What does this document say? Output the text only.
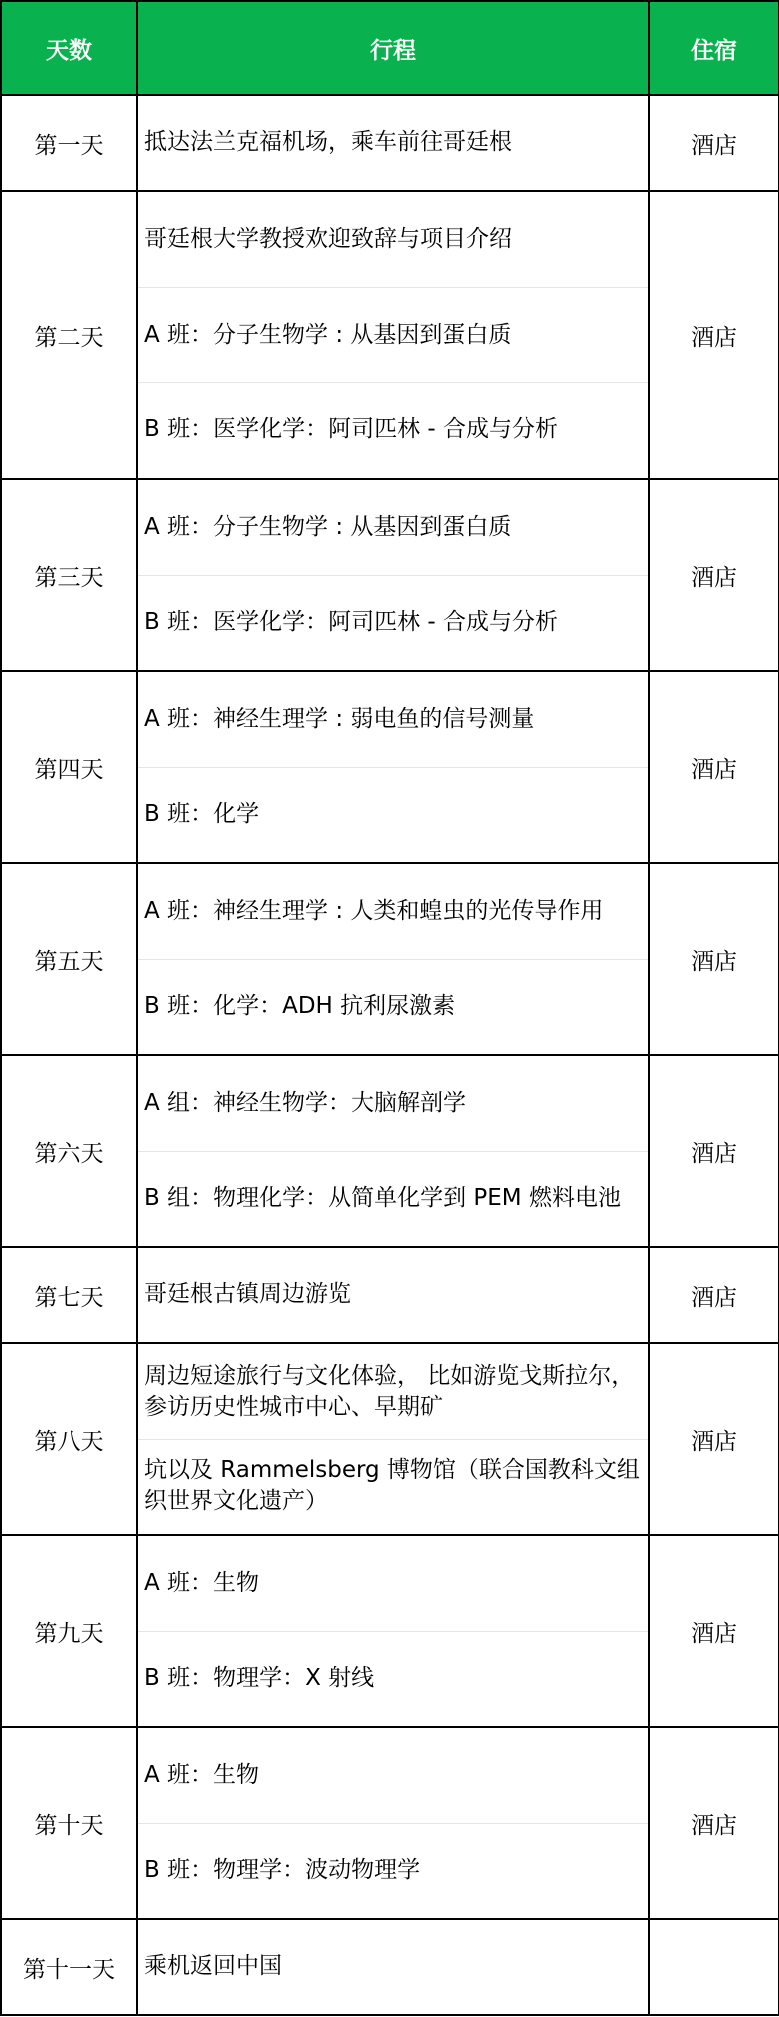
天数	行程	住宿
第一天	抵达法兰克福机场，乘车前往哥廷根	酒店
第二天	哥廷根大学教授欢迎致辞与项目介绍
A 班：分子生物学 : 从基因到蛋白质
B 班：医学化学：阿司匹林 - 合成与分析	酒店
第三天	A 班：分子生物学 : 从基因到蛋白质
B 班：医学化学：阿司匹林 - 合成与分析	酒店
第四天	A 班：神经生理学 : 弱电鱼的信号测量
B 班：化学	酒店
第五天	A 班：神经生理学 : 人类和蝗虫的光传导作用
B 班：化学：ADH 抗利尿激素	酒店
第六天	A 组：神经生物学：大脑解剖学
B 组：物理化学：从简单化学到 PEM 燃料电池	酒店
第七天	哥廷根古镇周边游览	酒店
第八天	周边短途旅行与文化体验， 比如游览戈斯拉尔，参访历史性城市中心、早期矿
坑以及 Rammelsberg 博物馆（联合国教科文组织世界文化遗产）	酒店
第九天	A 班：生物
B 班：物理学：X 射线	酒店
第十天	A 班：生物
B 班：物理学：波动物理学	酒店
第十一天	乘机返回中国	
